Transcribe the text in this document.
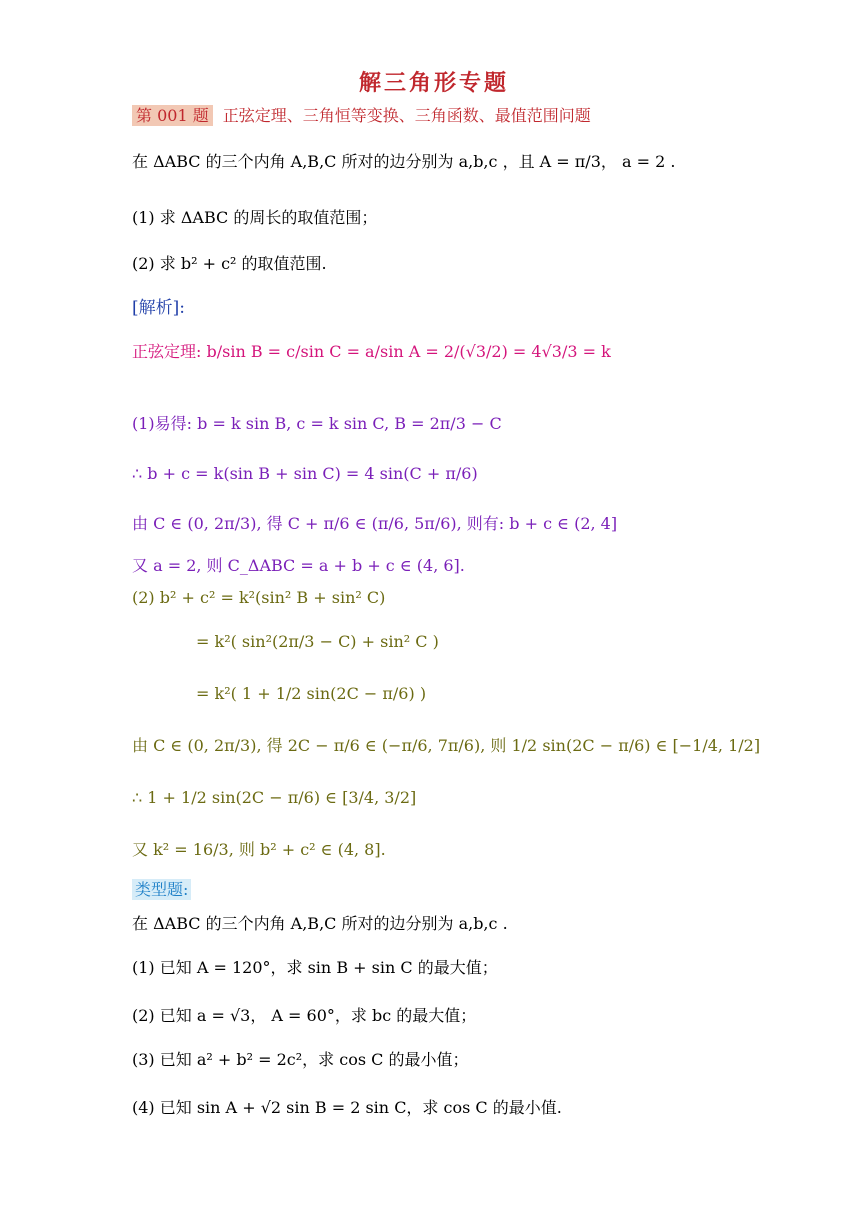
解三角形专题
第 001 题 正弦定理、三角恒等变换、三角函数、最值范围问题
在 ΔABC 的三个内角 A,B,C 所对的边分别为 a,b,c ，且 A = π/3， a = 2 .
(1) 求 ΔABC 的周长的取值范围；
(2) 求 b² + c² 的取值范围.
[解析]:
正弦定理: b/sin B = c/sin C = a/sin A = 2/(√3/2) = 4√3/3 = k
(1)易得: b = k sin B, c = k sin C, B = 2π/3 − C
∴ b + c = k(sin B + sin C) = 4 sin(C + π/6)
由 C ∈ (0, 2π/3), 得 C + π/6 ∈ (π/6, 5π/6), 则有: b + c ∈ (2, 4]
又 a = 2, 则 C_ΔABC = a + b + c ∈ (4, 6].
(2) b² + c² = k²(sin² B + sin² C)
= k²( sin²(2π/3 − C) + sin² C )
= k²( 1 + 1/2 sin(2C − π/6) )
由 C ∈ (0, 2π/3), 得 2C − π/6 ∈ (−π/6, 7π/6), 则 1/2 sin(2C − π/6) ∈ [−1/4, 1/2]
∴ 1 + 1/2 sin(2C − π/6) ∈ [3/4, 3/2]
又 k² = 16/3, 则 b² + c² ∈ (4, 8].
类型题:
在 ΔABC 的三个内角 A,B,C 所对的边分别为 a,b,c .
(1) 已知 A = 120°，求 sin B + sin C 的最大值；
(2) 已知 a = √3， A = 60°，求 bc 的最大值；
(3) 已知 a² + b² = 2c²，求 cos C 的最小值；
(4) 已知 sin A + √2 sin B = 2 sin C，求 cos C 的最小值.
